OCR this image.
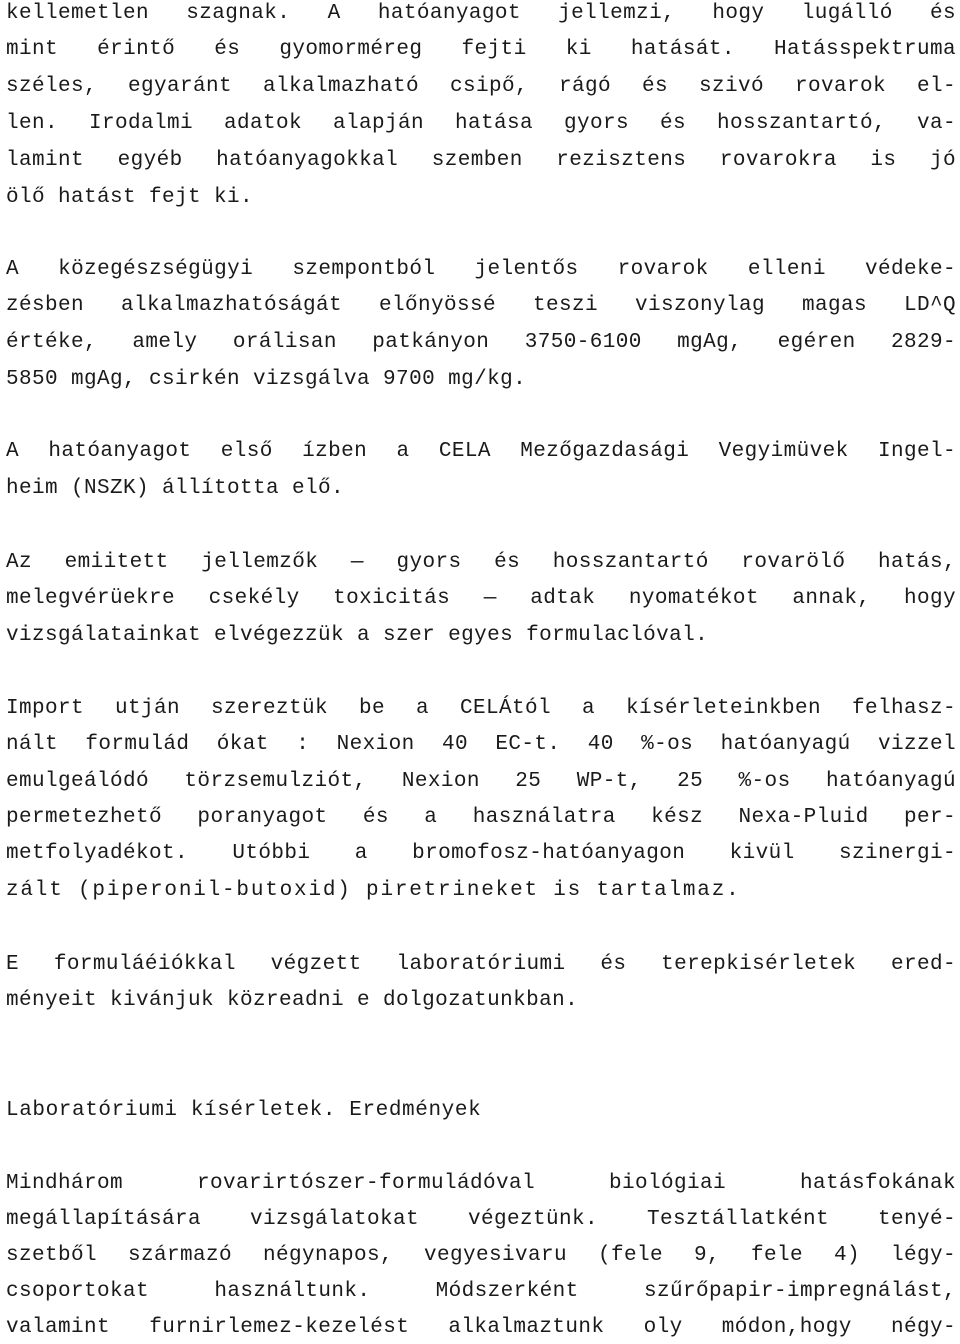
kellemetlen szagnak. A hatóanyagot jellemzi, hogy lugálló és
mint érintő és gyomorméreg fejti ki hatását. Hatásspektruma
széles, egyaránt alkalmazható csipő, rágó és szivó rovarok el-
len. Irodalmi adatok alapján hatása gyors és hosszantartó, va-
lamint egyéb hatóanyagokkal szemben rezisztens rovarokra is jó
ölő hatást fejt ki.
A közegészségügyi szempontból jelentős rovarok elleni védeke-
zésben alkalmazhatóságát előnyössé teszi viszonylag magas LD^Q
értéke, amely orálisan patkányon 3750-6100 mgAg, egéren 2829-
5850 mgAg, csirkén vizsgálva 9700 mg/kg.
A hatóanyagot első ízben a CELA Mezőgazdasági Vegyimüvek Ingel-
heim (NSZK) állította elő.
Az emiitett jellemzők — gyors és hosszantartó rovarölő hatás,
melegvérüekre csekély toxicitás — adtak nyomatékot annak, hogy
vizsgálatainkat elvégezzük a szer egyes formulaclóval.
Import utján szereztük be a CELÁtól a kísérleteinkben felhasz-
nált formulád ókat : Nexion 40 EC-t. 40 %-os hatóanyagú vizzel
emulgeálódó törzsemulziót, Nexion 25 WP-t, 25 %-os hatóanyagú
permetezhető poranyagot és a használatra kész Nexa-Pluid per-
metfolyadékot. Utóbbi a bromofosz-hatóanyagon kivül szinergi-
zált (piperonil-butoxid) piretrineket is tartalmaz.
E formuláéiókkal végzett laboratóriumi és terepkisérletek ered-
ményeit kivánjuk közreadni e dolgozatunkban.
Laboratóriumi kísérletek. Eredmények
Mindhárom rovarirtószer-formuládóval biológiai hatásfokának
megállapítására vizsgálatokat végeztünk. Tesztállatként tenyé-
szetből származó négynapos, vegyesivaru (fele 9, fele 4) légy-
csoportokat használtunk. Módszerként szűrőpapir-impregnálást,
valamint furnirlemez-kezelést alkalmaztunk oly módon,hogy négy-
